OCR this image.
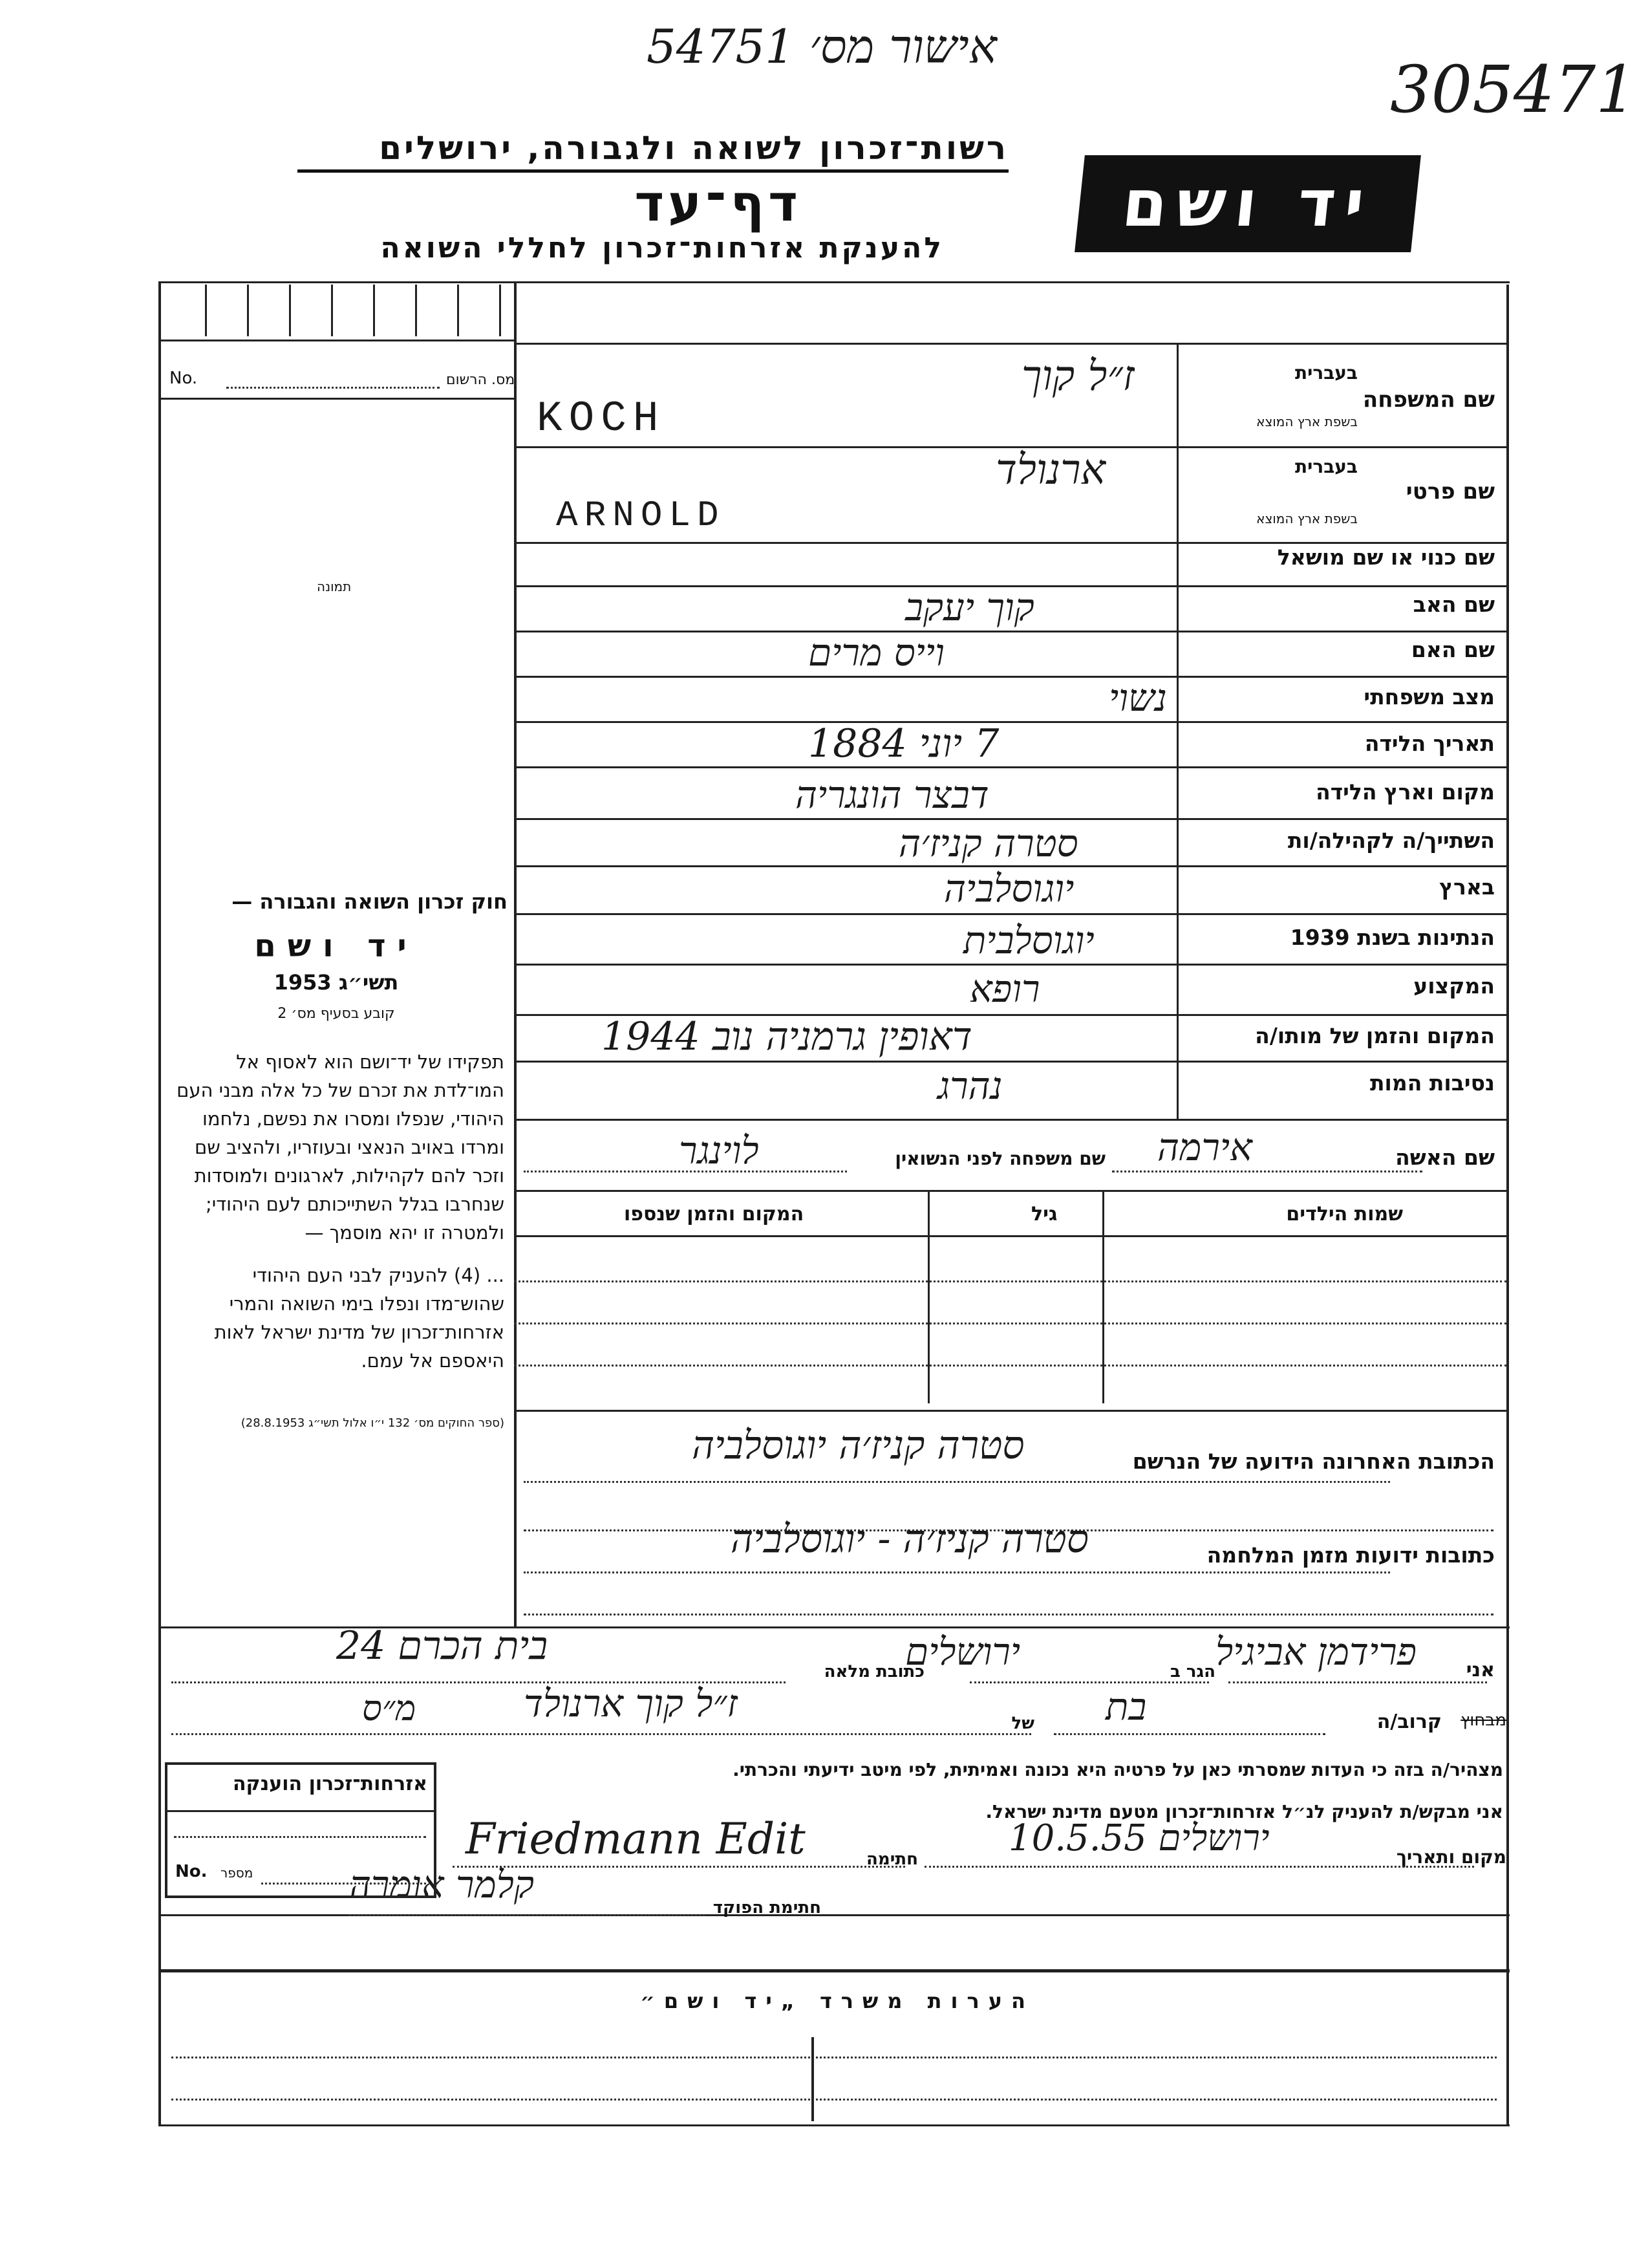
אישור מס׳ 54751
305471
רשות־זכרון לשואה ולגבורה, ירושלים
דף־עד
להענקת אזרחות־זכרון לחללי השואה
יד ושם
מס. הרשום
No.
תמונה
חוק זכרון השואה והגבורה —
יד ושם
תשי״ג 1953
קובע בסעיף מס׳ 2
תפקידו של יד־ושם הוא לאסוף אל המו־לדת את זכרם של כל אלה מבני העם היהודי, שנפלו ומסרו את נפשם, נלחמו ומרדו באויב הנאצי ובעוזריו, ולהציב שם וזכר להם לקהילות, לארגונים ולמוסדות שנחרבו בגלל השתייכותם לעם היהודי; ולמטרה זו יהא מוסמך —
... (4) להעניק לבני העם היהודי שהוש־מדו ונפלו בימי השואה והמרי אזרחות־זכרון של מדינת ישראל לאות היאספם אל עמם.
(ספר החוקים מס׳ 132 י״ו אלול תשי״ג 28.8.1953)
שם המשפחה
בעברית
בשפת ארץ המוצא
ז״ל קוך
KOCH
שם פרטי
בעברית
בשפת ארץ המוצא
ארנולד
ARNOLD
שם כנוי או שם מושאל
שם האב
קוך יעקב
שם האם
וייס מרים
מצב משפחתי
נשוי
תאריך הלידה
7 יוני 1884
מקום וארץ הלידה
דבצר הונגריה
השתייך/ה לקהילה/ות
סטרה קניז׳ה
בארץ
יוגוסלביה
הנתינות בשנת 1939
יוגוסלבית
המקצוע
רופא
המקום והזמן של מותו/ה
דאופין גרמניה נוב 1944
נסיבות המות
נהרג
שם האשה
אירמה
שם משפחה לפני הנשואין
לוינגר
שמות הילדים
גיל
המקום והזמן שנספו
הכתובת האחרונה הידועה של הנרשם
סטרה קניז׳ה יוגוסלביה
כתובות ידועות מזמן המלחמה
סטרה קניז׳ה - יוגוסלביה
אני
פרידמן אביגיל
הגר ב
ירושלים
כתובת מלאה
בית הכרם 24
קרוב/ה מבחוץ
בת
של
ז״ל קוך ארנולד
מ״ס
מצהיר/ה בזה כי העדות שמסרתי כאן על פרטיה היא נכונה ואמיתית, לפי מיטב ידיעתי והכרתי.
אני מבקש/ת להעניק לנ״ל אזרחות־זכרון מטעם מדינת ישראל.
מקום ותאריך
ירושלים 10.5.55
חתימה
Friedmann Edit
חתימת הפוקד
קלמר אומרה
אזרחות־זכרון הוענקה
No. מספר
הערות משרד „יד ושם״
